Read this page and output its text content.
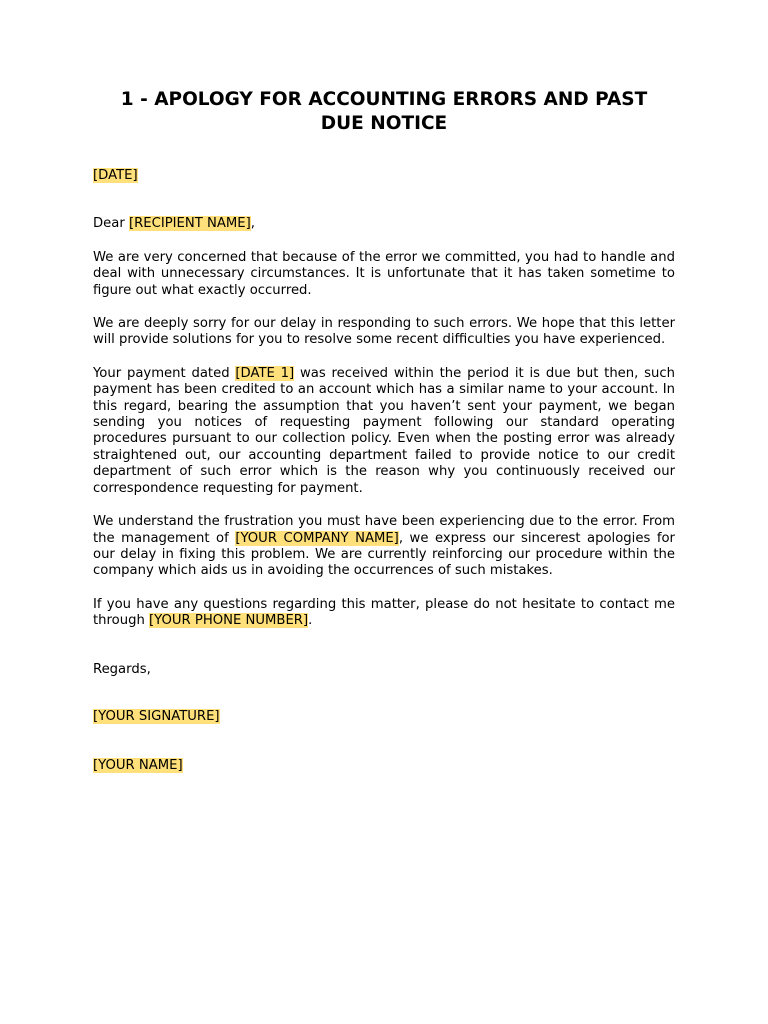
1 - APOLOGY FOR ACCOUNTING ERRORS AND PAST
DUE NOTICE

[DATE]

Dear [RECIPIENT NAME],

We are very concerned that because of the error we committed, you had to handle and deal with unnecessary circumstances. It is unfortunate that it has taken sometime to figure out what exactly occurred.

We are deeply sorry for our delay in responding to such errors. We hope that this letter will provide solutions for you to resolve some recent difficulties you have experienced.

Your payment dated [DATE 1] was received within the period it is due but then, such payment has been credited to an account which has a similar name to your account. In this regard, bearing the assumption that you haven’t sent your payment, we began sending you notices of requesting payment following our standard operating procedures pursuant to our collection policy. Even when the posting error was already straightened out, our accounting department failed to provide notice to our credit department of such error which is the reason why you continuously received our correspondence requesting for payment.

We understand the frustration you must have been experiencing due to the error. From the management of [YOUR COMPANY NAME], we express our sincerest apologies for our delay in fixing this problem. We are currently reinforcing our procedure within the company which aids us in avoiding the occurrences of such mistakes.

If you have any questions regarding this matter, please do not hesitate to contact me through [YOUR PHONE NUMBER].

Regards,

[YOUR SIGNATURE]

[YOUR NAME]
